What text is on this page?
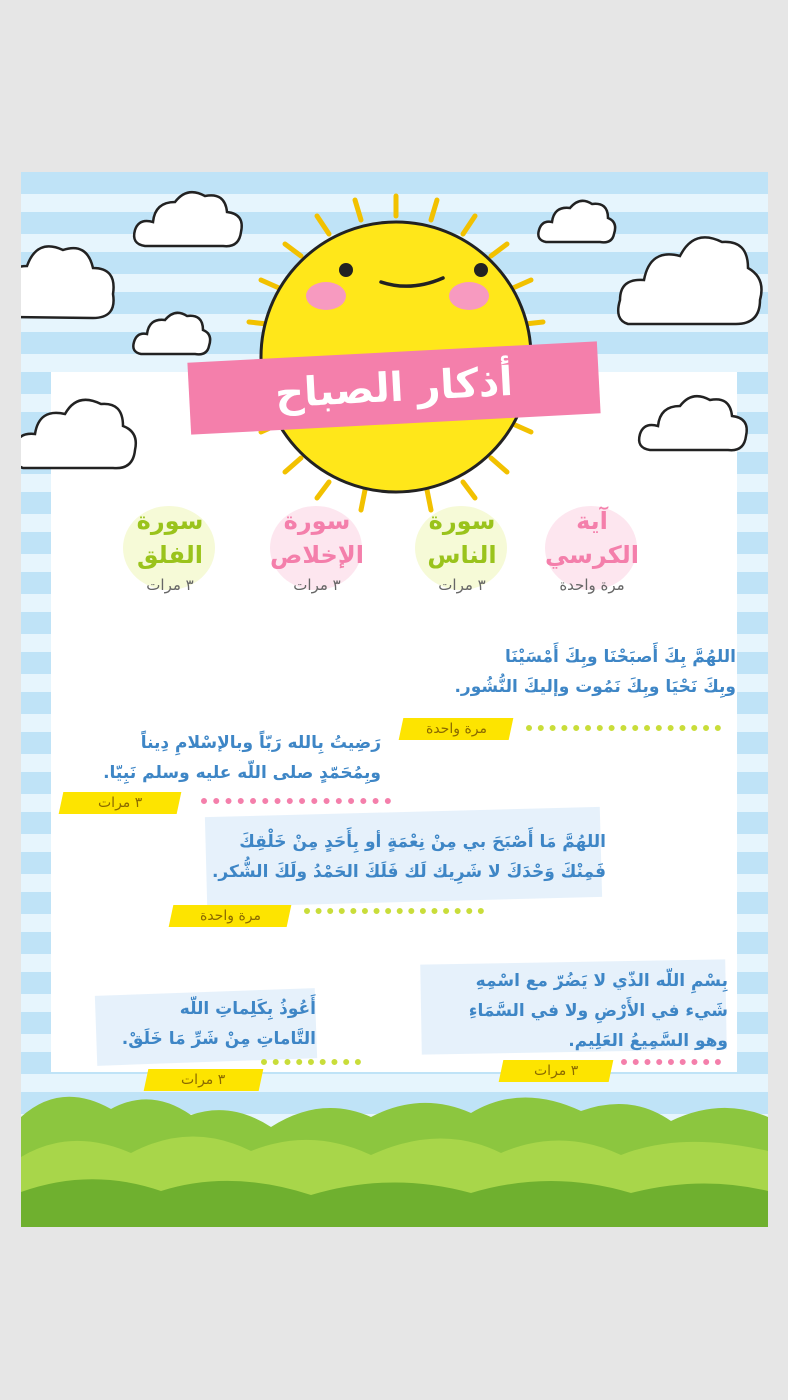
أذكار الصباح
آية
الكرسي
مرة واحدة
سورة
الناس
٣ مرات
سورة
الإخلاص
٣ مرات
سورة
الفلق
٣ مرات
اللهُمَّ بِكَ أَصبَحْنَا وبِكَ أَمْسَيْنَا
وبِكَ نَحْيَا وبِكَ نَمُوت وإليكَ النُّشُور.
مرة واحدة
رَضِيتُ بِالله رَبّاً وبالإسْلامِ دِيناً
وبِمُحَمّدٍ صلى اللّه عليه وسلم نَبِيّا.
٣ مرات
اللهُمَّ مَا أَصْبَحَ بي مِنْ نِعْمَةٍ أو بِأَحَدٍ مِنْ خَلْقِكَ
فَمِنْكَ وَحْدَكَ لا شَرِيك لَك فَلَكَ الحَمْدُ ولَكَ الشُّكر.
مرة واحدة
بِسْمِ اللّه الذّي لا يَضُرّ مع اسْمِهِ
شَيء في الأَرْضِ ولا في السَّمَاءِ
وهو السَّمِيعُ العَلِيم.
٣ مرات
أَعُوذُ بِكَلِماتِ اللّه
التَّاماتِ مِنْ شَرِّ مَا خَلَقْ.
٣ مرات
